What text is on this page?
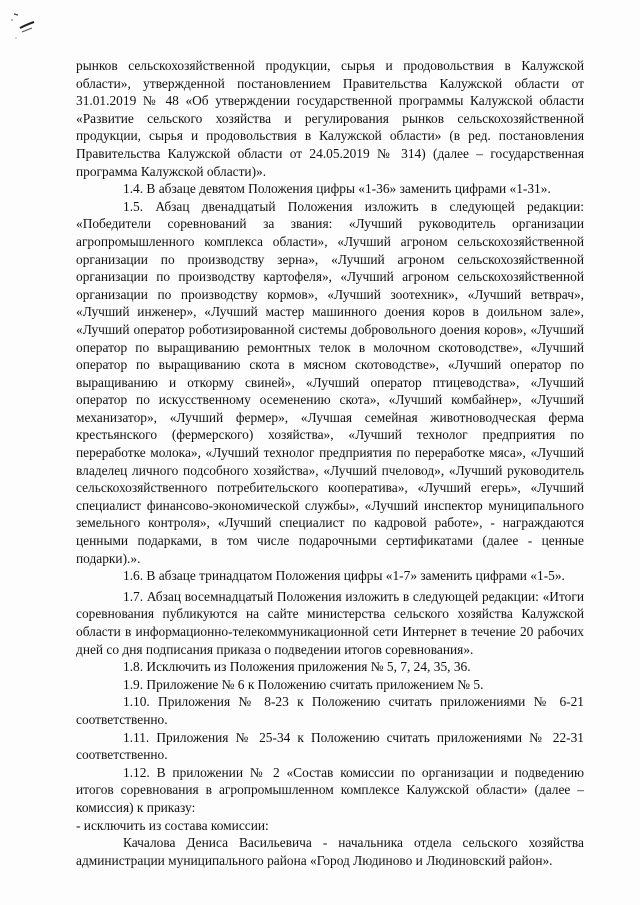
рынков сельскохозяйственной продукции, сырья и продовольствия в Калужской области», утвержденной постановлением Правительства Калужской области от 31.01.2019 № 48 «Об утверждении государственной программы Калужской области «Развитие сельского хозяйства и регулирования рынков сельскохозяйственной продукции, сырья и продовольствия в Калужской области» (в ред. постановления Правительства Калужской области от 24.05.2019 № 314) (далее – государственная программа Калужской области)».

1.4. В абзаце девятом Положения цифры «1-36» заменить цифрами «1-31».

1.5. Абзац двенадцатый Положения изложить в следующей редакции: «Победители соревнований за звания: «Лучший руководитель организации агропромышленного комплекса области», «Лучший агроном сельскохозяйственной организации по производству зерна», «Лучший агроном сельскохозяйственной организации по производству картофеля», «Лучший агроном сельскохозяйственной организации по производству кормов», «Лучший зоотехник», «Лучший ветврач», «Лучший инженер», «Лучший мастер машинного доения коров в доильном зале», «Лучший оператор роботизированной системы добровольного доения коров», «Лучший оператор по выращиванию ремонтных телок в молочном скотоводстве», «Лучший оператор по выращиванию скота в мясном скотоводстве», «Лучший оператор по выращиванию и откорму свиней», «Лучший оператор птицеводства», «Лучший оператор по искусственному осеменению скота», «Лучший комбайнер», «Лучший механизатор», «Лучший фермер», «Лучшая семейная животноводческая ферма крестьянского (фермерского) хозяйства», «Лучший технолог предприятия по переработке молока», «Лучший технолог предприятия по переработке мяса», «Лучший владелец личного подсобного хозяйства», «Лучший пчеловод», «Лучший руководитель сельскохозяйственного потребительского кооператива», «Лучший егерь», «Лучший специалист финансово-экономической службы», «Лучший инспектор муниципального земельного контроля», «Лучший специалист по кадровой работе», - награждаются ценными подарками, в том числе подарочными сертификатами (далее - ценные подарки).».

1.6. В абзаце тринадцатом Положения цифры «1-7» заменить цифрами «1-5».

1.7. Абзац восемнадцатый Положения изложить в следующей редакции: «Итоги соревнования публикуются на сайте министерства сельского хозяйства Калужской области в информационно-телекоммуникационной сети Интернет в течение 20 рабочих дней со дня подписания приказа о подведении итогов соревнования».

1.8. Исключить из Положения приложения № 5, 7, 24, 35, 36.

1.9. Приложение № 6 к Положению считать приложением № 5.

1.10. Приложения № 8-23 к Положению считать приложениями № 6-21 соответственно.

1.11. Приложения № 25-34 к Положению считать приложениями № 22-31 соответственно.

1.12. В приложении № 2 «Состав комиссии по организации и подведению итогов соревнования в агропромышленном комплексе Калужской области» (далее – комиссия) к приказу:

- исключить из состава комиссии:

Качалова Дениса Васильевича - начальника отдела сельского хозяйства администрации муниципального района «Город Людиново и Людиновский район».
